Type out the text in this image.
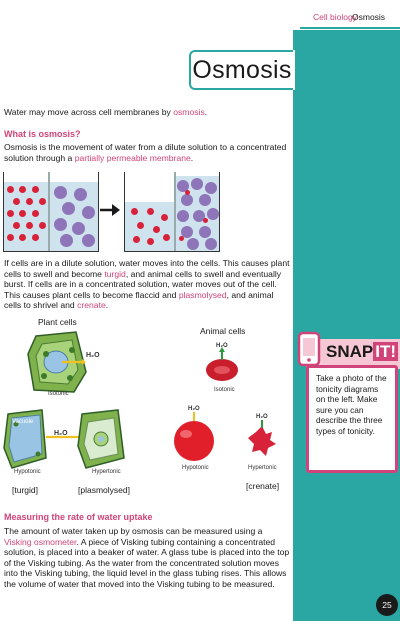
Cell biology
Osmosis
Osmosis

Water may move across cell membranes by osmosis.

What is osmosis?

Osmosis is the movement of water from a dilute solution to a concentrated solution through a partially permeable membrane.

If cells are in a dilute solution, water moves into the cells. This causes plant cells to swell and become turgid, and animal cells to swell and eventually burst. If cells are in a concentrated solution, water moves out of the cell. This causes plant cells to become flaccid and plasmolysed, and animal cells to shrivel and crenate.

Plant cells
Animal cells
H₂O
Isotonic
Vacuole
H₂O
Hypotonic	Hypertonic
[turgid]	[plasmolysed]
H₂O
Isotonic
H₂O
H₂O
Hypotonic	Hypertonic
[crenate]
Measuring the rate of water uptake

The amount of water taken up by osmosis can be measured using a Visking osmometer. A piece of Visking tubing containing a concentrated solution, is placed into a beaker of water. A glass tube is placed into the top of the Visking tubing. As the water from the concentrated solution moves into the Visking tubing, the liquid level in the glass tubing rises. This allows the volume of water that moved into the Visking tubing to be measured.

SNAP IT!

Take a photo of the tonicity diagrams on the left. Make sure you can describe the three types of tonicity.

25
